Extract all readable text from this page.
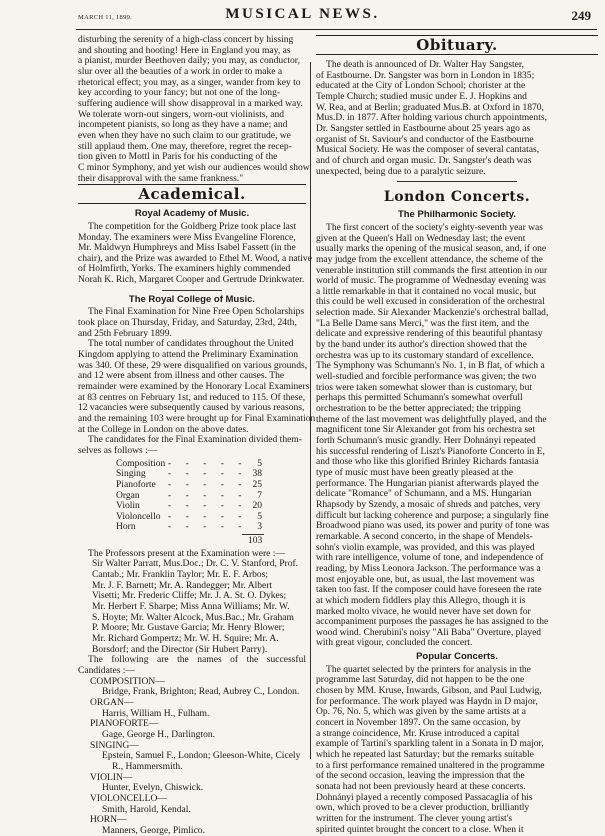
MARCH 11, 1899.	MUSICAL NEWS.	249
disturbing the serenity of a high-class concert by hissing
and shouting and hooting! Here in England you may, as
a pianist, murder Beethoven daily; you may, as conductor,
slur over all the beauties of a work in order to make a
rhetorical effect; you may, as a singer, wander from key to
key according to your fancy; but not one of the long-
suffering audience will show disapproval in a marked way.
We tolerate worn-out singers, worn-out violinists, and
incompetent pianists, so long as they have a name; and
even when they have no such claim to our gratitude, we
still applaud them. One may, therefore, regret the recep-
tion given to Mottl in Paris for his conducting of the
C minor Symphony, and yet wish our audiences would show
their disapproval with the same frankness."
Academical.
Royal Academy of Music.
The competition for the Goldberg Prize took place last
Monday. The examiners were Miss Evangeline Florence,
Mr. Maldwyn Humphreys and Miss Isabel Fassett (in the
chair), and the Prize was awarded to Ethel M. Wood, a native
of Holmfirth, Yorks. The examiners highly commended
Norah K. Rich, Margaret Cooper and Gertrude Drinkwater.
The Royal College of Music.
The Final Examination for Nine Free Open Scholarships
took place on Thursday, Friday, and Saturday, 23rd, 24th,
and 25th February 1899.
The total number of candidates throughout the United
Kingdom applying to attend the Preliminary Examination
was 340. Of these, 29 were disqualified on various grounds,
and 12 were absent from illness and other causes. The
remainder were examined by the Honorary Local Examiners
at 83 centres on February 1st, and reduced to 115. Of these,
12 vacancies were subsequently caused by various reasons,
and the remaining 103 were brought up for Final Examination
at the College in London on the above dates.
The candidates for the Final Examination divided them-
selves as follows :—
Composition - - - - -	5
Singing - - - - - 38
Pianoforte - - - - - 25
Organ	- - - - -	7
Violin	- - - - - 20
Violoncello - - - - -	5
Horn	- - - - -	3
103

The Professors present at the Examination were :—

Sir Walter Parratt, Mus.Doc.; Dr. C. V. Stanford, Prof.
Cantab.; Mr. Franklin Taylor; Mr. E. F. Arbos;
Mr. J. F. Barnett; Mr. A. Randegger; Mr. Albert
Visetti; Mr. Frederic Cliffe; Mr. J. A. St. O. Dykes;
Mr. Herbert F. Sharpe; Miss Anna Williams; Mr. W.
S. Hoyte; Mr. Walter Alcock, Mus.Bac.; Mr. Graham
P. Moore; Mr. Gustave Garcia; Mr. Henry Blower;
Mr. Richard Gompertz; Mr. W. H. Squire; Mr. A.
Borsdorf; and the Director (Sir Hubert Parry).

The following are the names of the successful Candidates :—

COMPOSITION—
Bridge, Frank, Brighton; Read, Aubrey C., London.
ORGAN—
Harris, William H., Fulham.
PIANOFORTE—
Gage, George H., Darlington.
SINGING—
Epstein, Samuel F., London; Gleeson-White, Cicely
R., Hammersmith.
VIOLIN—
Hunter, Evelyn, Chiswick.
VIOLONCELLO—
Smith, Harold, Kendal.
HORN—
Manners, George, Pimlico.
Obituary.
The death is announced of Dr. Walter Hay Sangster,
of Eastbourne. Dr. Sangster was born in London in 1835;
educated at the City of London School; chorister at the
Temple Church; studied music under E. J. Hopkins and
W. Rea, and at Berlin; graduated Mus.B. at Oxford in 1870,
Mus.D. in 1877. After holding various church appointments,
Dr. Sangster settled in Eastbourne about 25 years ago as
organist of St. Saviour's and conductor of the Eastbourne
Musical Society. He was the composer of several cantatas,
and of church and organ music. Dr. Sangster's death was
unexpected, being due to a paralytic seizure.
London Concerts.
The Philharmonic Society.
The first concert of the society's eighty-seventh year was
given at the Queen's Hall on Wednesday last; the event
usually marks the opening of the musical season, and, if one
may judge from the excellent attendance, the scheme of the
venerable institution still commands the first attention in our
world of music. The programme of Wednesday evening was
a little remarkable in that it contained no vocal music, but
this could be well excused in consideration of the orchestral
selection made. Sir Alexander Mackenzie's orchestral ballad,
"La Belle Dame sans Merci," was the first item, and the
delicate and expressive rendering of this beautiful phantasy
by the band under its author's direction showed that the
orchestra was up to its customary standard of excellence.
The Symphony was Schumann's No. 1, in B flat, of which a
well-studied and forcible performance was given; the two
trios were taken somewhat slower than is customary, but
perhaps this permitted Schumann's somewhat overfull
orchestration to be the better appreciated; the tripping
theme of the last movement was delightfully played, and the
magnificent tone Sir Alexander got from his orchestra set
forth Schumann's music grandly. Herr Dohnányi repeated
his successful rendering of Liszt's Pianoforte Concerto in E,
and those who like this glorified Brinley Richards fantasia
type of music must have been greatly pleased at the
performance. The Hungarian pianist afterwards played the
delicate "Romance" of Schumann, and a MS. Hungarian
Rhapsody by Szendy, a mosaic of shreds and patches, very
difficult but lacking coherence and purpose; a singularly fine
Broadwood piano was used, its power and purity of tone was
remarkable. A second concerto, in the shape of Mendels-
sohn's violin example, was provided, and this was played
with rare intelligence, volume of tone, and independence of
reading, by Miss Leonora Jackson. The performance was a
most enjoyable one, but, as usual, the last movement was
taken too fast. If the composer could have foreseen the rate
at which modern fiddlers play this Allegro, though it is
marked molto vivace, he would never have set down for
accompaniment purposes the passages he has assigned to the
wood wind. Cherubini's noisy "Ali Baba" Overture, played
with great vigour, concluded the concert.
Popular Concerts.
The quartet selected by the printers for analysis in the
programme last Saturday, did not happen to be the one
chosen by MM. Kruse, Inwards, Gibson, and Paul Ludwig,
for performance. The work played was Haydn in D major,
Op. 76, No. 5, which was given by the same artists at a
concert in November 1897. On the same occasion, by
a strange coincidence, Mr. Kruse introduced a capital
example of Tartini's sparkling talent in a Sonata in D major,
which he repeated last Saturday; but the remarks suitable
to a first performance remained unaltered in the programme
of the second occasion, leaving the impression that the
sonata had not been previously heard at these concerts.
Dohnányi played a recently composed Passacaglia of his
own, which proved to be a clever production, brilliantly
written for the instrument. The clever young artist's
spirited quintet brought the concert to a close. When it
